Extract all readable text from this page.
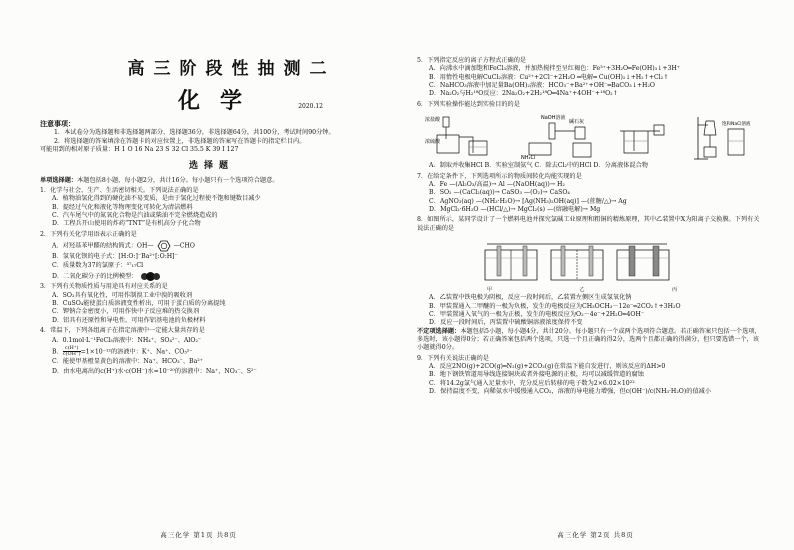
高三阶段性抽测二
化学	2020.12
注意事项：
1．本试卷分为选择题和非选择题两部分，选择题36分，非选择题64分，共100分，考试时间90分钟。
2．将选择题的答案填涂在答题卡的对应位置上，非选择题的答案写在答题卡的指定栏目内。
可能用到的相对原子质量：H 1 O 16 Na 23 S 32 Cl 35.5 K 39 I 127
选择题
单项选择题：本题包括8小题，每小题2分，共计16分。每小题只有一个选项符合题意。
1．化学与社会、生产、生活密切相关。下列说法正确的是
A．植物油氢化得到的硬化油不易变质，是由于氢化过程使不饱和键数目减少
B．提经过气化和液化等物理变化可转化为清洁燃料
C．汽车尾气中的氮氧化合物是汽油或柴油不完全燃烧造成的
D．工程兵开山使用的炸药“TNT”是有机高分子化合物
2．下列有关化学用语表示正确的是
A．对羟基苯甲醛的结构简式：OH—	—CHO
B．氢氧化钡的电子式：[H:O:]⁻Ba²⁺[:O:H]⁻
C．质量数为37的氯原子：³⁷₁₇Cl
D．二氧化碳分子的比例模型：
3．下列有关物质性质与用途具有对应关系的是
A．SO₂具有氧化性，可用作制溴工业中溴的吸收剂
B．CuSO₄能使蛋白质溶液变性析出，可用于蛋白质的分离提纯
C．钾钠合金密度小，可用作快中子反应堆的热交换剂
D．铝具有还原性和导电性，可用作铝基电池的负极材料
4．常温下，下列各组离子在指定溶液中一定能大量共存的是
A．0.1mol·L⁻¹FeCl₃溶液中：NH₄⁺、SO₄²⁻、AlO₂⁻
B． $\frac{c(H^+)}{c(OH^-)} =1\times 10^{-12}$的溶液中：K⁺、Na⁺、CO₃²⁻
C．能使甲基橙显黄色的溶液中：Na⁺、HCO₃⁻、Ba²⁺
D．由水电离出的c(H⁺)水·c(OH⁻)水=10⁻²⁰的溶液中：Na⁺、NO₃⁻、S²⁻
高三化学 第1页 共8页
5．下列指定反应的离子方程式正确的是
A．向沸水中滴加饱和FeCl₃溶液，并加热搅拌至呈红褐色：Fe³⁺+3H₂O═Fe(OH)₃↓+3H⁺
B．用惰性电极电解CuCl₂溶液：Cu²⁺+2Cl⁻+2H₂O ═电解═ Cu(OH)₂↓+H₂↑+Cl₂↑
C．NaHCO₃溶液中加足量Ba(OH)₂溶液：HCO₃⁻+Ba²⁺+OH⁻═BaCO₃↓+H₂O
D．Na₂O₂与H₂¹⁸O反应：2Na₂O₂+2H₂¹⁸O═4Na⁺+4OH⁻+¹⁸O₂↑
6．下列实验操作能达到实验目的的是
浓盐酸
浓硫酸
NaOH溶液
NH₄Cl
碱石灰	饱和NaCl溶液
A．制取并收集HCl B．实验室制氨气 C．除去Cl₂中的HCl D．分离液体混合物
7．在给定条件下，下列选项所示的物质间转化均能实现的是
A．Fe —(Al₂O₃/高温)→ Al —(NaOH(aq))→ H₂
B．SO₂ —(CaCl₂(aq))→ CaSO₃ —(O₂)→ CaSO₄
C．AgNO₃(aq) —(NH₃·H₂O)→ [Ag(NH₃)₂OH(aq)] —(蔗糖/△)→ Ag
D．MgCl₂·6H₂O —(HCl/△)→ MgCl₂(s) —(熔融电解)→ Mg
8．如图所示，某同学设计了一个燃料电池并探究氯碱工业原理和粗铜的精炼原理，其中乙装置中X为阳离子交换膜。下列有关说法正确的是
甲	乙	丙
A．乙装置中铁电极为阴极，反应一段时间后，乙装置左侧区生成氢氧化钠
B．甲装置通入二甲醚的一极为负极，发生的电极反应为CH₃OCH₃－12e⁻═2CO₂↑+3H₂O
C．甲装置通入氧气的一极为正极，发生的电极反应为O₂－4e⁻+2H₂O═4OH⁻
D．反应一段时间后，丙装置中硫酸铜溶液浓度保持不变
不定项选择题：本题包括5小题，每小题4分，共计20分。每小题只有一个或两个选项符合题意。若正确答案只包括一个选项，多选时，该小题得0分；若正确答案包括两个选项，只选一个且正确的得2分，选两个且都正确的得满分，但只要选错一个，该小题就得0分。
9．下列有关说法正确的是
A．反应2NO(g)+2CO(g)═N₂(g)+2CO₂(g)在常温下能自发进行，则该反应的ΔH>0
B．地下钢铁管道用导线连接铜块或者外接电源的正极，均可以减缓管道的腐蚀
C．将14.2g氯气通入足量水中，充分反应后转移的电子数为2×6.02×10²²
D．保持温度不变，向稀氨水中缓慢通入CO₂，溶液的导电能力增强，但c(OH⁻)/c(NH₃·H₂O)的值减小
高三化学 第2页 共8页
